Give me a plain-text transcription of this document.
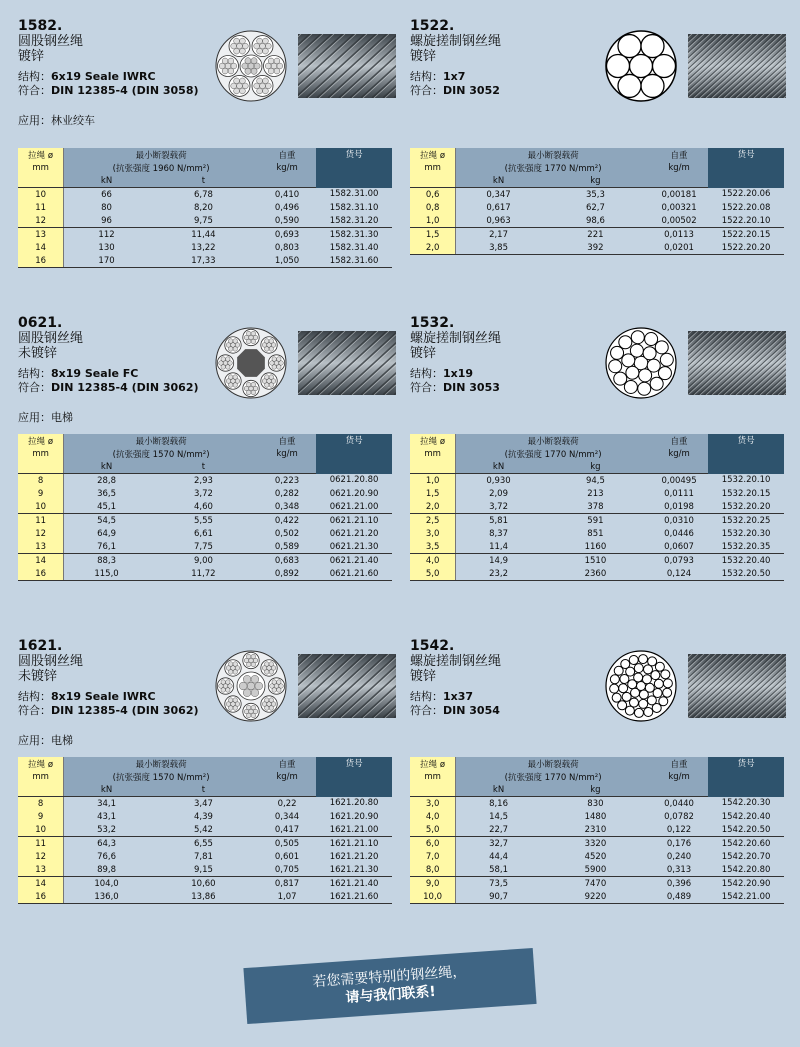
1582.
圆股钢丝绳
镀锌
结构：6x19 Seale IWRC
符合：DIN 12385-4 (DIN 3058)
应用：林业绞车
拉绳 ø	最小断裂载荷		自重	货号
mm	(抗张强度 1960 N/mm²)		kg/m	
	kN	t		
10	66	6,78	0,410	1582.31.00
11	80	8,20	0,496	1582.31.10
12	96	9,75	0,590	1582.31.20
13	112	11,44	0,693	1582.31.30
14	130	13,22	0,803	1582.31.40
16	170	17,33	1,050	1582.31.60
1522.
螺旋搓制钢丝绳
镀锌
结构：1x7
符合：DIN 3052
拉绳 ø	最小断裂载荷		自重	货号
mm	(抗张强度 1770 N/mm²)		kg/m	
	kN	kg		
0,6	0,347	35,3	0,00181	1522.20.06
0,8	0,617	62,7	0,00321	1522.20.08
1,0	0,963	98,6	0,00502	1522.20.10
1,5	2,17	221	0,0113	1522.20.15
2,0	3,85	392	0,0201	1522.20.20
0621.
圆股钢丝绳
未镀锌
结构：8x19 Seale FC
符合：DIN 12385-4 (DIN 3062)
应用：电梯
拉绳 ø	最小断裂载荷		自重	货号
mm	(抗张强度 1570 N/mm²)		kg/m	
	kN	t		
8	28,8	2,93	0,223	0621.20.80
9	36,5	3,72	0,282	0621.20.90
10	45,1	4,60	0,348	0621.21.00
11	54,5	5,55	0,422	0621.21.10
12	64,9	6,61	0,502	0621.21.20
13	76,1	7,75	0,589	0621.21.30
14	88,3	9,00	0,683	0621.21.40
16	115,0	11,72	0,892	0621.21.60
1532.
螺旋搓制钢丝绳
镀锌
结构：1x19
符合：DIN 3053
拉绳 ø	最小断裂载荷		自重	货号
mm	(抗张强度 1770 N/mm²)		kg/m	
	kN	kg		
1,0	0,930	94,5	0,00495	1532.20.10
1,5	2,09	213	0,0111	1532.20.15
2,0	3,72	378	0,0198	1532.20.20
2,5	5,81	591	0,0310	1532.20.25
3,0	8,37	851	0,0446	1532.20.30
3,5	11,4	1160	0,0607	1532.20.35
4,0	14,9	1510	0,0793	1532.20.40
5,0	23,2	2360	0,124	1532.20.50
1621.
圆股钢丝绳
未镀锌
结构：8x19 Seale IWRC
符合：DIN 12385-4 (DIN 3062)
应用：电梯
拉绳 ø	最小断裂载荷		自重	货号
mm	(抗张强度 1570 N/mm²)		kg/m	
	kN	t		
8	34,1	3,47	0,22	1621.20.80
9	43,1	4,39	0,344	1621.20.90
10	53,2	5,42	0,417	1621.21.00
11	64,3	6,55	0,505	1621.21.10
12	76,6	7,81	0,601	1621.21.20
13	89,8	9,15	0,705	1621.21.30
14	104,0	10,60	0,817	1621.21.40
16	136,0	13,86	1,07	1621.21.60
1542.
螺旋搓制钢丝绳
镀锌
结构：1x37
符合：DIN 3054
拉绳 ø	最小断裂载荷		自重	货号
mm	(抗张强度 1770 N/mm²)		kg/m	
	kN	kg		
3,0	8,16	830	0,0440	1542.20.30
4,0	14,5	1480	0,0782	1542.20.40
5,0	22,7	2310	0,122	1542.20.50
6,0	32,7	3320	0,176	1542.20.60
7,0	44,4	4520	0,240	1542.20.70
8,0	58,1	5900	0,313	1542.20.80
9,0	73,5	7470	0,396	1542.20.90
10,0	90,7	9220	0,489	1542.21.00
若您需要特别的钢丝绳，
请与我们联系!
